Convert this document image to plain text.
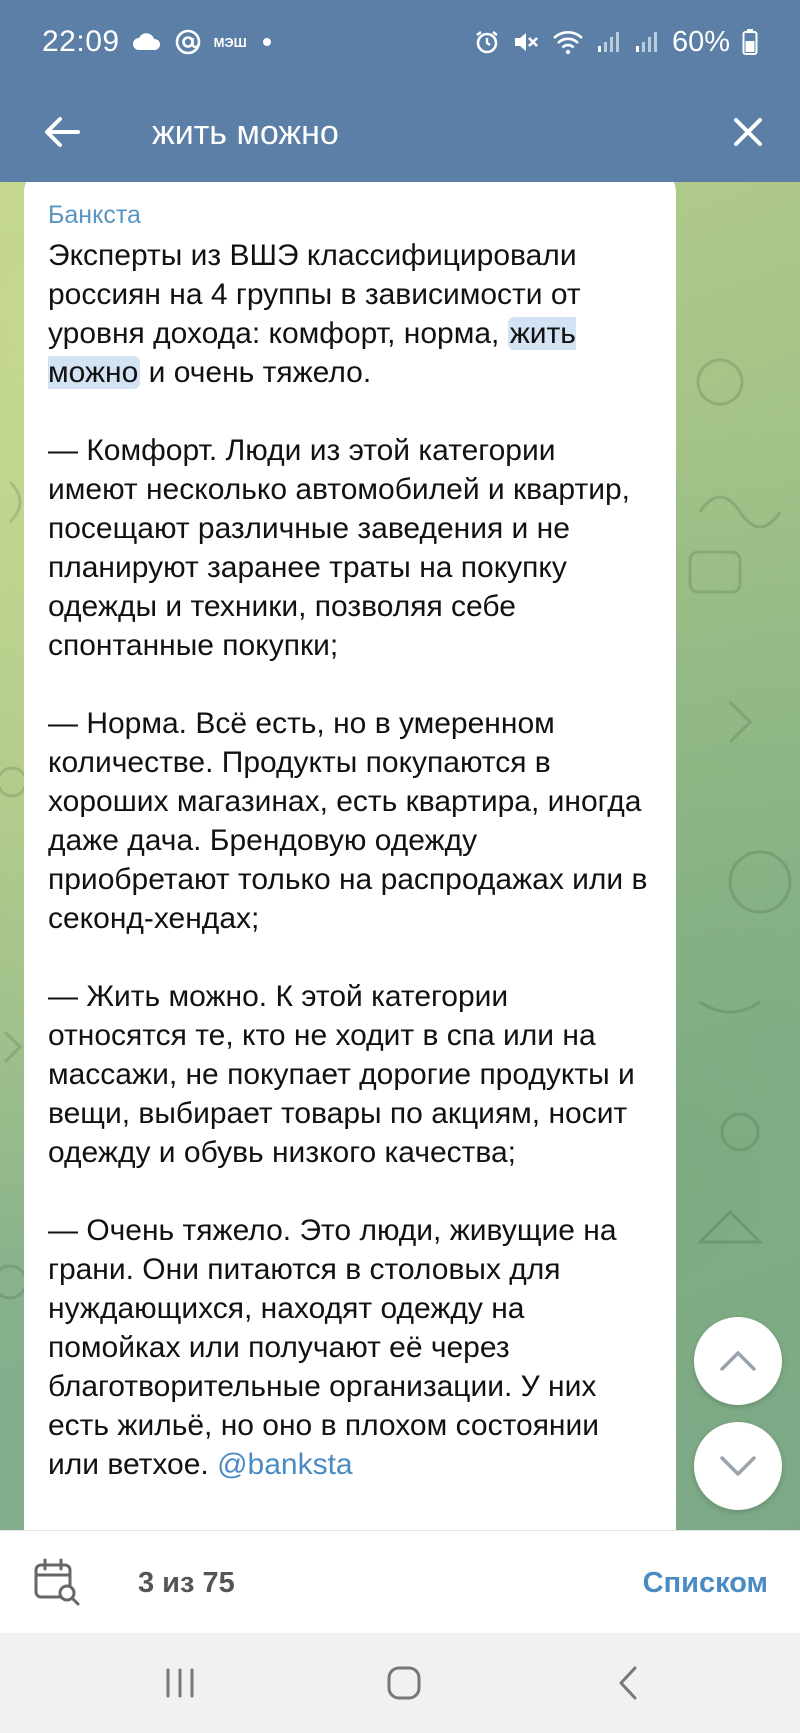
22:09	МЭШ	60%
жить можно
Банкста
Эксперты из ВШЭ классифицировали россиян на 4 группы в зависимости от уровня дохода: комфорт, норма, жить можно и очень тяжело.
— Комфорт. Люди из этой категории имеют несколько автомобилей и квартир, посещают различные заведения и не планируют заранее траты на покупку одежды и техники, позволяя себе спонтанные покупки;
— Норма. Всё есть, но в умеренном количестве. Продукты покупаются в хороших магазинах, есть квартира, иногда даже дача. Брендовую одежду приобретают только на распродажах или в секонд-хендах;
— Жить можно. К этой категории относятся те, кто не ходит в спа или на массажи, не покупает дорогие продукты и вещи, выбирает товары по акциям, носит одежду и обувь низкого качества;
— Очень тяжело. Это люди, живущие на грани. Они питаются в столовых для нуждающихся, находят одежду на помойках или получают её через благотворительные организации. У них есть жильё, но оно в плохом состоянии или ветхое. @banksta
3 из 75	Списком
